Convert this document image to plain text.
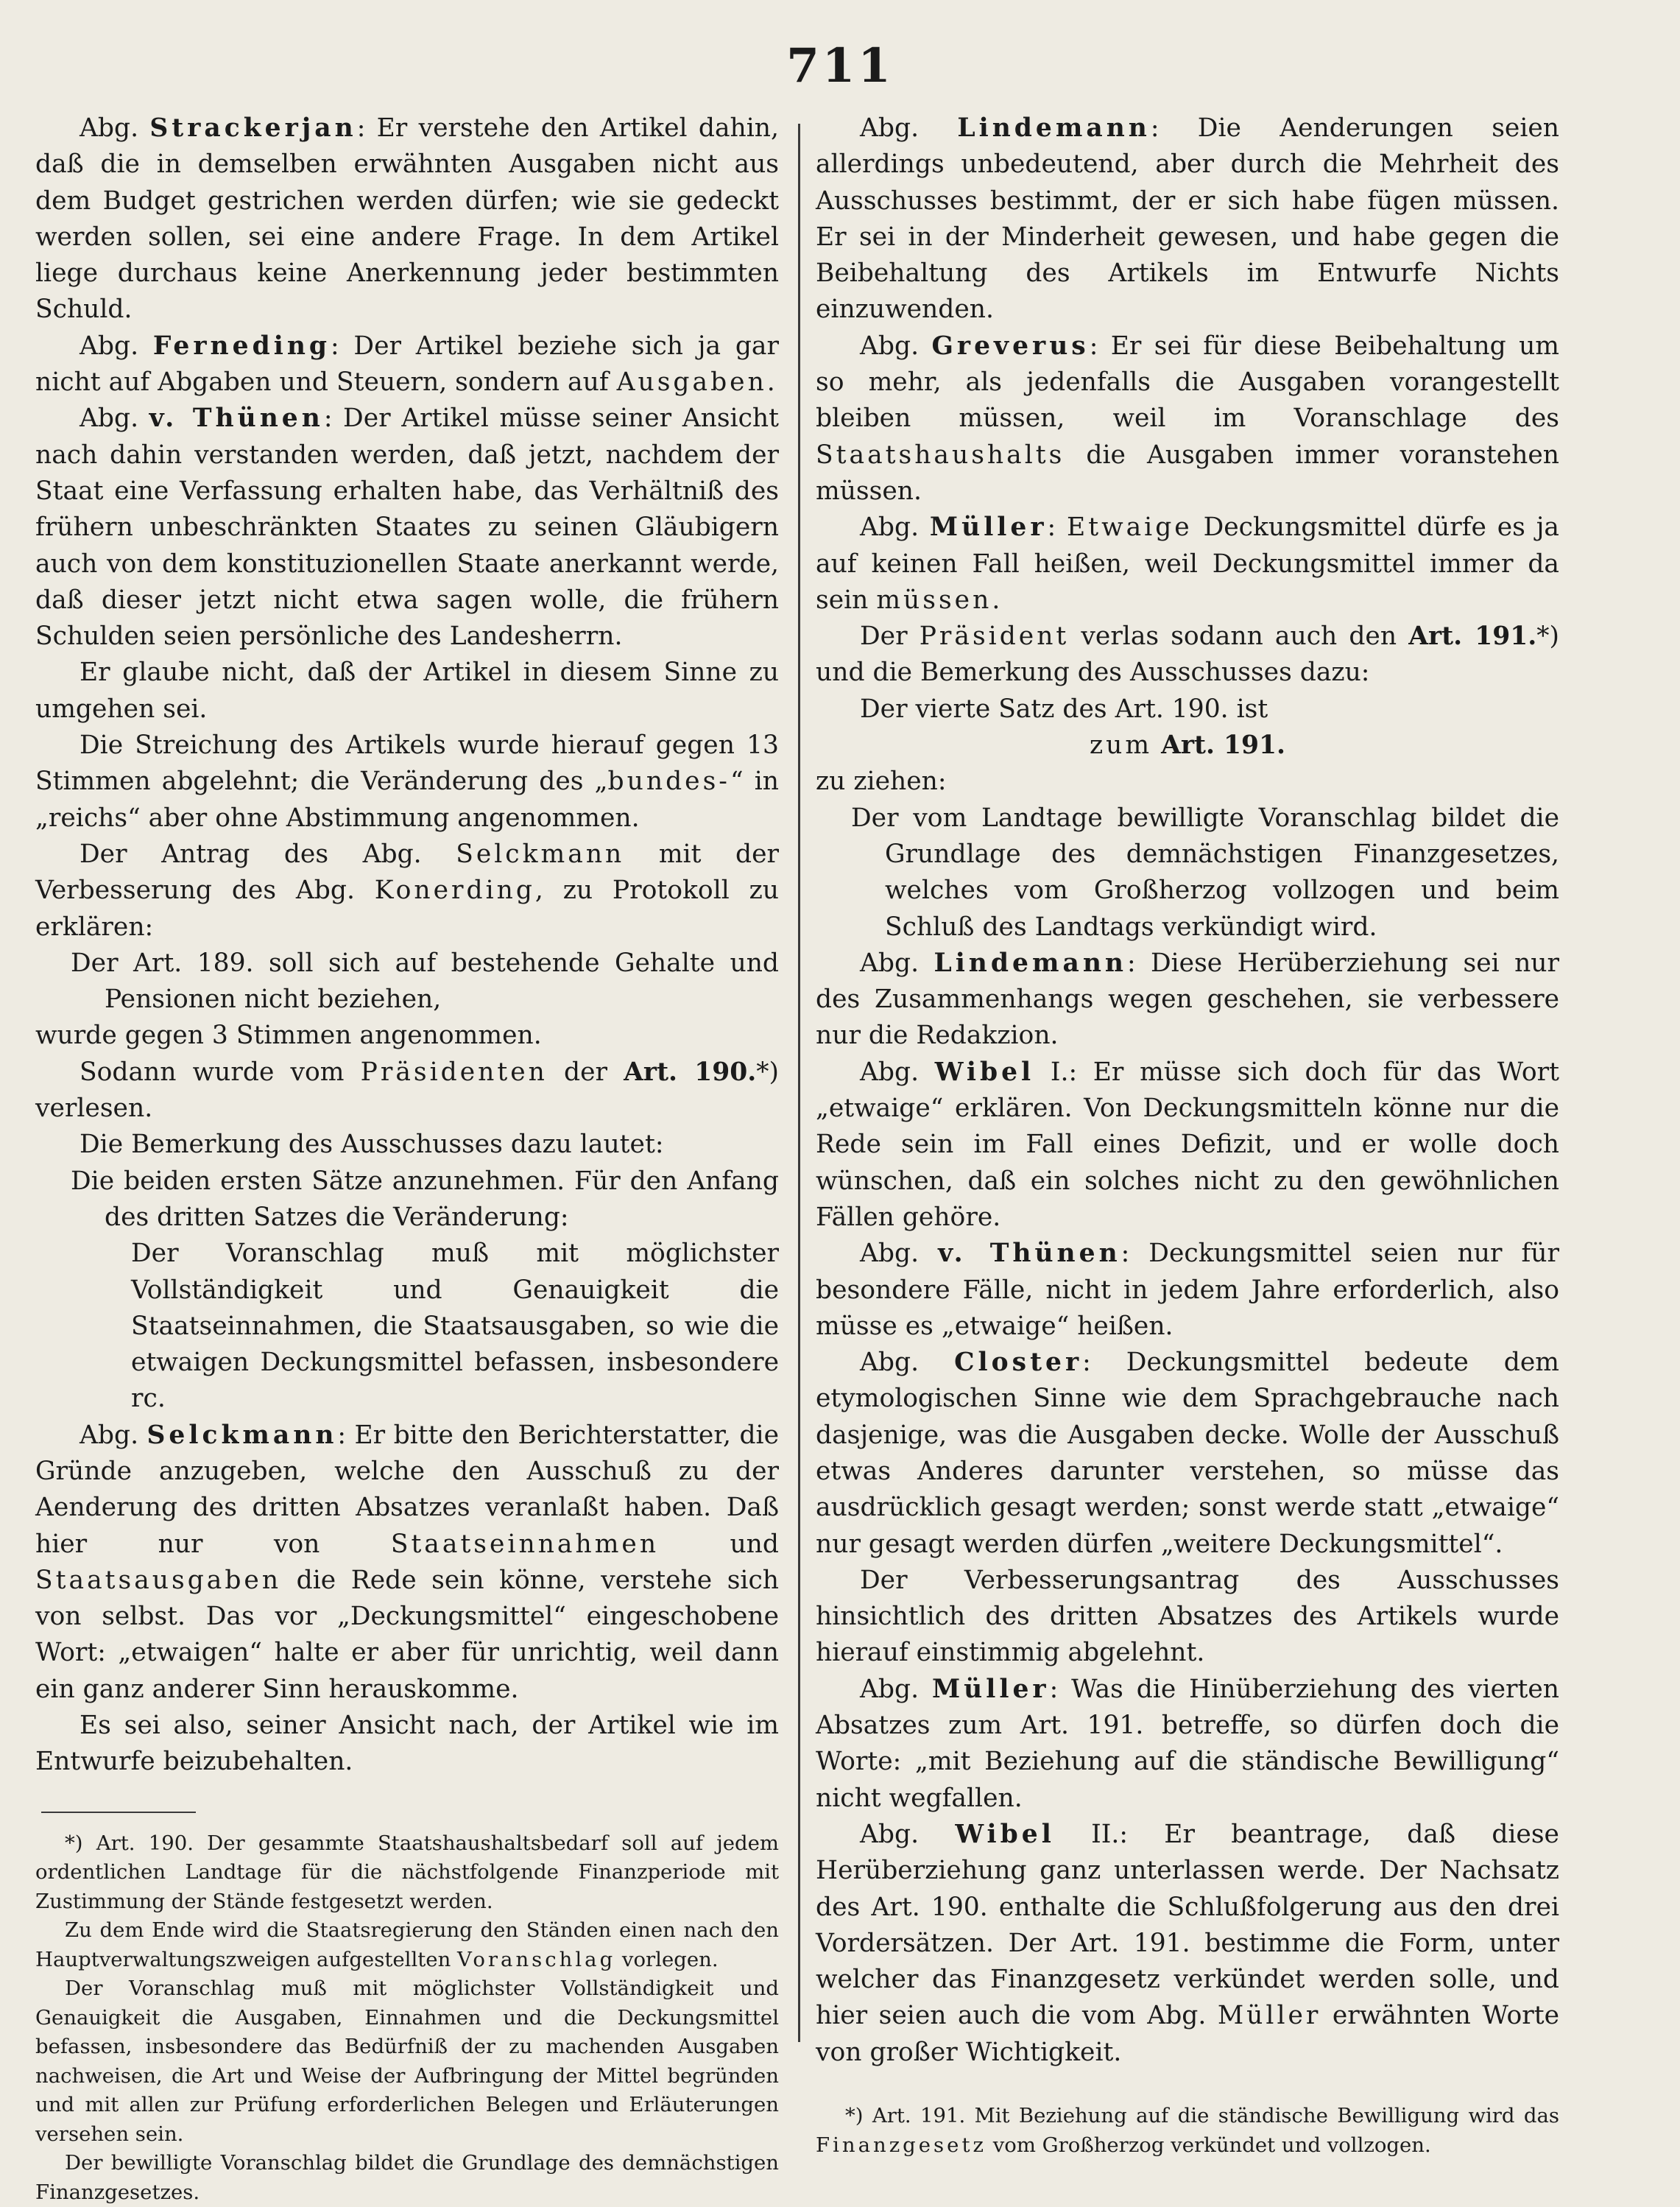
711

Abg. Strackerjan: Er verstehe den Artikel dahin, daß die in demselben erwähnten Ausgaben nicht aus dem Budget gestrichen werden dürfen; wie sie gedeckt werden sollen, sei eine andere Frage. In dem Artikel liege durchaus keine Anerkennung jeder bestimmten Schuld.

Abg. Ferneding: Der Artikel beziehe sich ja gar nicht auf Abgaben und Steuern, sondern auf Ausgaben.

Abg. v. Thünen: Der Artikel müsse seiner Ansicht nach dahin verstanden werden, daß jetzt, nachdem der Staat eine Verfassung erhalten habe, das Verhältniß des frühern unbeschränkten Staates zu seinen Gläubigern auch von dem konstituzionellen Staate anerkannt werde, daß dieser jetzt nicht etwa sagen wolle, die frühern Schulden seien persönliche des Landesherrn.

Er glaube nicht, daß der Artikel in diesem Sinne zu umgehen sei.

Die Streichung des Artikels wurde hierauf gegen 13 Stimmen abgelehnt; die Veränderung des „bundes-“ in „reichs“ aber ohne Abstimmung angenommen.

Der Antrag des Abg. Selckmann mit der Verbesserung des Abg. Konerding, zu Protokoll zu erklären:

Der Art. 189. soll sich auf bestehende Gehalte und Pensionen nicht beziehen,

wurde gegen 3 Stimmen angenommen.

Sodann wurde vom Präsidenten der Art. 190.*) verlesen.

Die Bemerkung des Ausschusses dazu lautet:

Die beiden ersten Sätze anzunehmen. Für den Anfang des dritten Satzes die Veränderung:

Der Voranschlag muß mit möglichster Vollständigkeit und Genauigkeit die Staatseinnahmen, die Staatsausgaben, so wie die etwaigen Deckungsmittel befassen, insbesondere rc.

Abg. Selckmann: Er bitte den Berichterstatter, die Gründe anzugeben, welche den Ausschuß zu der Aenderung des dritten Absatzes veranlaßt haben. Daß hier nur von Staatseinnahmen und Staatsausgaben die Rede sein könne, verstehe sich von selbst. Das vor „Deckungsmittel“ eingeschobene Wort: „etwaigen“ halte er aber für unrichtig, weil dann ein ganz anderer Sinn herauskomme.

Es sei also, seiner Ansicht nach, der Artikel wie im Entwurfe beizubehalten.

*) Art. 190. Der gesammte Staatshaushaltsbedarf soll auf jedem ordentlichen Landtage für die nächstfolgende Finanzperiode mit Zustimmung der Stände festgesetzt werden.

Zu dem Ende wird die Staatsregierung den Ständen einen nach den Hauptverwaltungszweigen aufgestellten Voranschlag vorlegen.

Der Voranschlag muß mit möglichster Vollständigkeit und Genauigkeit die Ausgaben, Einnahmen und die Deckungsmittel befassen, insbesondere das Bedürfniß der zu machenden Ausgaben nachweisen, die Art und Weise der Aufbringung der Mittel begründen und mit allen zur Prüfung erforderlichen Belegen und Erläuterungen versehen sein.

Der bewilligte Voranschlag bildet die Grundlage des demnächstigen Finanzgesetzes.

Abg. Lindemann: Die Aenderungen seien allerdings unbedeutend, aber durch die Mehrheit des Ausschusses bestimmt, der er sich habe fügen müssen. Er sei in der Minderheit gewesen, und habe gegen die Beibehaltung des Artikels im Entwurfe Nichts einzuwenden.

Abg. Greverus: Er sei für diese Beibehaltung um so mehr, als jedenfalls die Ausgaben vorangestellt bleiben müssen, weil im Voranschlage des Staatshaushalts die Ausgaben immer voranstehen müssen.

Abg. Müller: Etwaige Deckungsmittel dürfe es ja auf keinen Fall heißen, weil Deckungsmittel immer da sein müssen.

Der Präsident verlas sodann auch den Art. 191.*) und die Bemerkung des Ausschusses dazu:

Der vierte Satz des Art. 190. ist

zum Art. 191.

zu ziehen:

Der vom Landtage bewilligte Voranschlag bildet die Grundlage des demnächstigen Finanzgesetzes, welches vom Großherzog vollzogen und beim Schluß des Landtags verkündigt wird.

Abg. Lindemann: Diese Herüberziehung sei nur des Zusammenhangs wegen geschehen, sie verbessere nur die Redakzion.

Abg. Wibel I.: Er müsse sich doch für das Wort „etwaige“ erklären. Von Deckungsmitteln könne nur die Rede sein im Fall eines Defizit, und er wolle doch wünschen, daß ein solches nicht zu den gewöhnlichen Fällen gehöre.

Abg. v. Thünen: Deckungsmittel seien nur für besondere Fälle, nicht in jedem Jahre erforderlich, also müsse es „etwaige“ heißen.

Abg. Closter: Deckungsmittel bedeute dem etymologischen Sinne wie dem Sprachgebrauche nach dasjenige, was die Ausgaben decke. Wolle der Ausschuß etwas Anderes darunter verstehen, so müsse das ausdrücklich gesagt werden; sonst werde statt „etwaige“ nur gesagt werden dürfen „weitere Deckungsmittel“.

Der Verbesserungsantrag des Ausschusses hinsichtlich des dritten Absatzes des Artikels wurde hierauf einstimmig abgelehnt.

Abg. Müller: Was die Hinüberziehung des vierten Absatzes zum Art. 191. betreffe, so dürfen doch die Worte: „mit Beziehung auf die ständische Bewilligung“ nicht wegfallen.

Abg. Wibel II.: Er beantrage, daß diese Herüberziehung ganz unterlassen werde. Der Nachsatz des Art. 190. enthalte die Schlußfolgerung aus den drei Vordersätzen. Der Art. 191. bestimme die Form, unter welcher das Finanzgesetz verkündet werden solle, und hier seien auch die vom Abg. Müller erwähnten Worte von großer Wichtigkeit.

*) Art. 191. Mit Beziehung auf die ständische Bewilligung wird das Finanzgesetz vom Großherzog verkündet und vollzogen.
